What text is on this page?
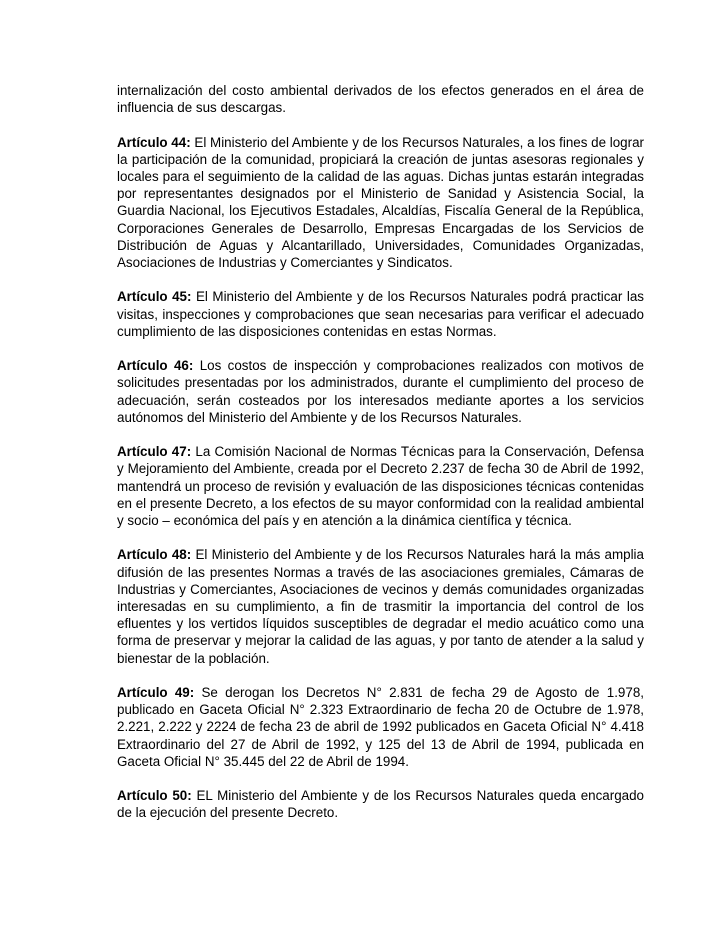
internalización del costo ambiental derivados de los efectos generados en el área de influencia de sus descargas.

Artículo 44: El Ministerio del Ambiente y de los Recursos Naturales, a los fines de lograr la participación de la comunidad, propiciará la creación de juntas asesoras regionales y locales para el seguimiento de la calidad de las aguas. Dichas juntas estarán integradas por representantes designados por el Ministerio de Sanidad y Asistencia Social, la Guardia Nacional, los Ejecutivos Estadales, Alcaldías, Fiscalía General de la República, Corporaciones Generales de Desarrollo, Empresas Encargadas de los Servicios de Distribución de Aguas y Alcantarillado, Universidades, Comunidades Organizadas, Asociaciones de Industrias y Comerciantes y Sindicatos.

Artículo 45: El Ministerio del Ambiente y de los Recursos Naturales podrá practicar las visitas, inspecciones y comprobaciones que sean necesarias para verificar el adecuado cumplimiento de las disposiciones contenidas en estas Normas.

Artículo 46: Los costos de inspección y comprobaciones realizados con motivos de solicitudes presentadas por los administrados, durante el cumplimiento del proceso de adecuación, serán costeados por los interesados mediante aportes a los servicios autónomos del Ministerio del Ambiente y de los Recursos Naturales.

Artículo 47: La Comisión Nacional de Normas Técnicas para la Conservación, Defensa y Mejoramiento del Ambiente, creada por el Decreto 2.237 de fecha 30 de Abril de 1992, mantendrá un proceso de revisión y evaluación de las disposiciones técnicas contenidas en el presente Decreto, a los efectos de su mayor conformidad con la realidad ambiental y socio – económica del país y en atención a la dinámica científica y técnica.

Artículo 48: El Ministerio del Ambiente y de los Recursos Naturales hará la más amplia difusión de las presentes Normas a través de las asociaciones gremiales, Cámaras de Industrias y Comerciantes, Asociaciones de vecinos y demás comunidades organizadas interesadas en su cumplimiento, a fin de trasmitir la importancia del control de los efluentes y los vertidos líquidos susceptibles de degradar el medio acuático como una forma de preservar y mejorar la calidad de las aguas, y por tanto de atender a la salud y bienestar de la población.

Artículo 49: Se derogan los Decretos N° 2.831 de fecha 29 de Agosto de 1.978, publicado en Gaceta Oficial N° 2.323 Extraordinario de fecha 20 de Octubre de 1.978, 2.221, 2.222 y 2224 de fecha 23 de abril de 1992 publicados en Gaceta Oficial N° 4.418 Extraordinario del 27 de Abril de 1992, y 125 del 13 de Abril de 1994, publicada en Gaceta Oficial N° 35.445 del 22 de Abril de 1994.

Artículo 50: EL Ministerio del Ambiente y de los Recursos Naturales queda encargado de la ejecución del presente Decreto.
